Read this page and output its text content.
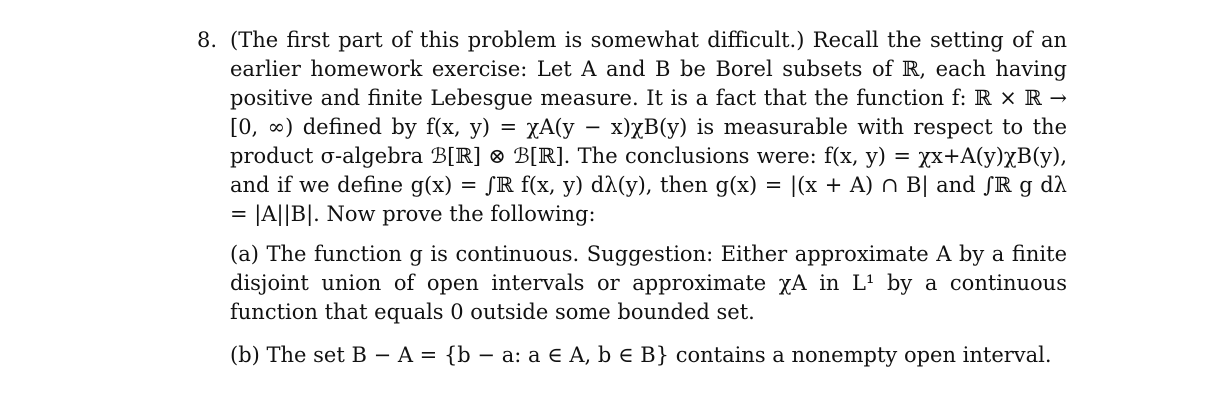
8. (The first part of this problem is somewhat difficult.) Recall the setting of an earlier homework exercise: Let A and B be Borel subsets of ℝ, each having positive and finite Lebesgue measure. It is a fact that the function f: ℝ × ℝ → [0, ∞) defined by f(x, y) = χA(y − x)χB(y) is measurable with respect to the product σ-algebra ℬ[ℝ] ⊗ ℬ[ℝ]. The conclusions were: f(x, y) = χx+A(y)χB(y), and if we define g(x) = ∫ℝ f(x, y) dλ(y), then g(x) = |(x + A) ∩ B| and ∫ℝ g dλ = |A||B|. Now prove the following:
(a) The function g is continuous. Suggestion: Either approximate A by a finite disjoint union of open intervals or approximate χA in L¹ by a continuous function that equals 0 outside some bounded set.
(b) The set B − A = {b − a: a ∈ A, b ∈ B} contains a nonempty open interval.
